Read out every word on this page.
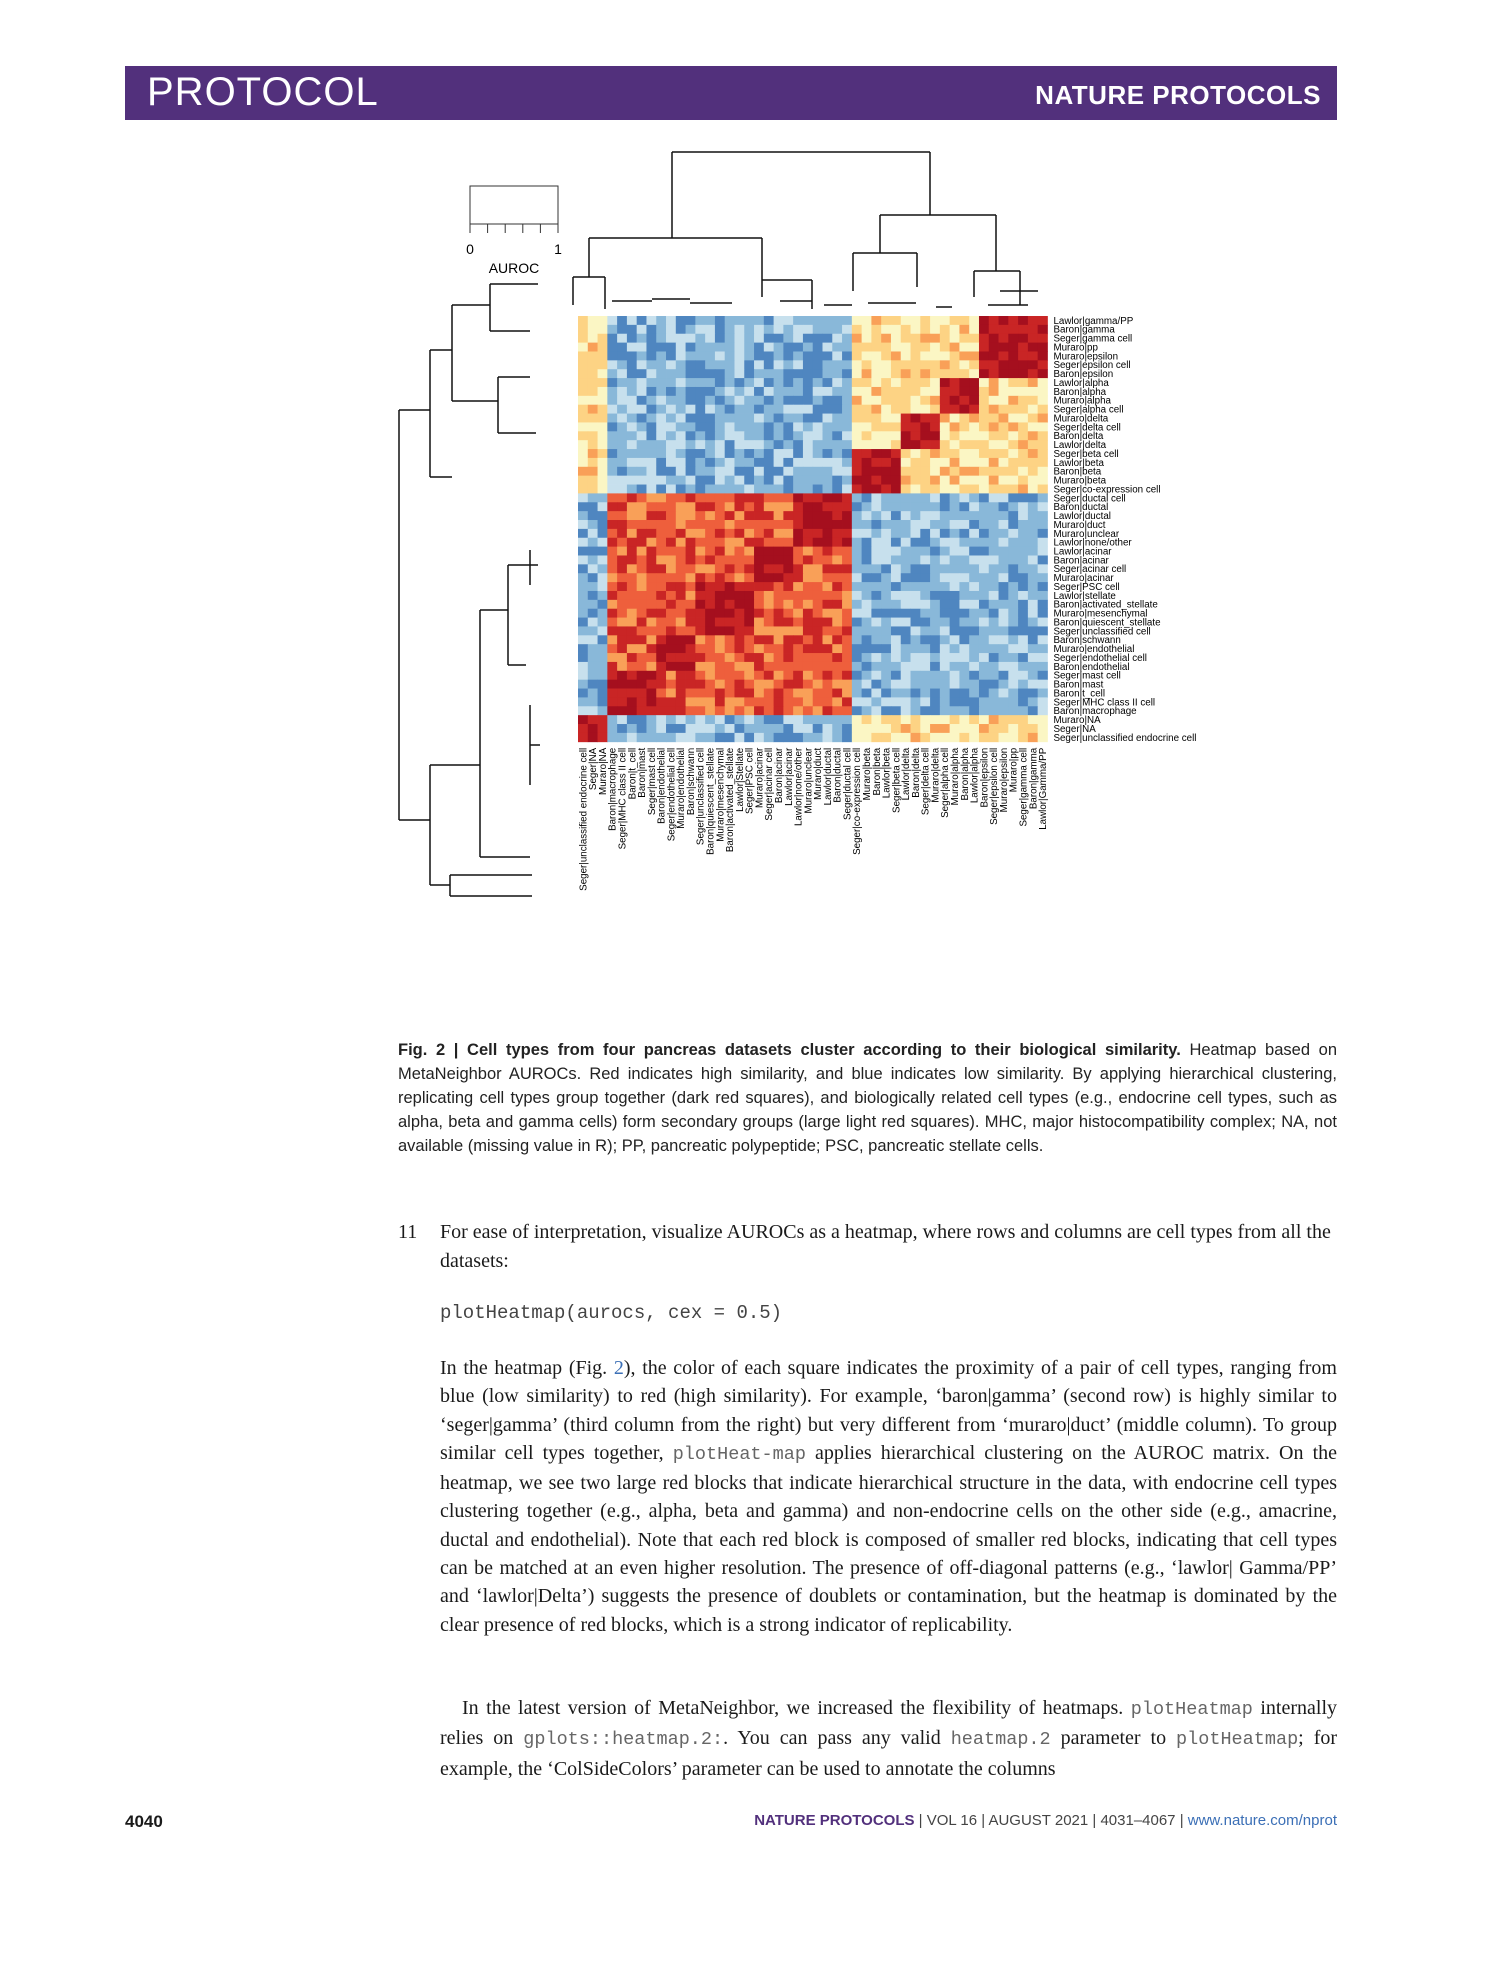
PROTOCOL	NATURE PROTOCOLS
0	1
AUROC
Lawlor|gamma/PP
Baron|gamma
Seger|gamma cell
Muraro|pp
Muraro|epsilon
Seger|epsilon cell
Baron|epsilon
Lawlor|alpha
Baron|alpha
Muraro|alpha
Seger|alpha cell
Muraro|delta
Seger|delta cell
Baron|delta
Lawlor|delta
Seger|beta cell
Lawlor|beta
Baron|beta
Muraro|beta
Seger|co-expression cell
Seger|ductal cell
Baron|ductal
Lawlor|ductal
Muraro|duct
Muraro|unclear
Lawlor|none/other
Lawlor|acinar
Baron|acinar
Seger|acinar cell
Muraro|acinar
Seger|PSC cell
Lawlor|stellate
Baron|activated_stellate
Muraro|mesenchymal
Baron|quiescent_stellate
Seger|unclassified cell
Baron|schwann
Muraro|endothelial
Seger|endothelial cell
Baron|endothelial
Seger|mast cell
Baron|mast
Baron|t_cell
Seger|MHC class II cell
Baron|macrophage
Muraro|NA
Seger|NA
Seger|unclassified endocrine cell
Seger|unclassified endocrine cell
Seger|NA
Muraro|NA
Baron|macrophage
Seger|MHC class II cell
Baron|t_cell
Baron|mast
Seger|mast cell
Baron|endothelial
Seger|endothelial cell
Muraro|endothelial
Baron|schwann
Seger|unclassified cell
Baron|quiescent_stellate
Muraro|mesenchymal
Baron|activated_stellate
Lawlor|Stellate
Seger|PSC cell
Muraro|acinar
Seger|acinar cell
Baron|acinar
Lawlor|acinar
Lawlor|none/other
Muraro|unclear
Muraro|duct
Lawlor|ductal
Baron|ductal
Seger|ductal cell
Seger|co-expression cell
Muraro|beta
Baron|beta
Lawlor|beta
Seger|beta cell
Lawlor|delta
Baron|delta
Seger|delta cell
Muraro|delta
Seger|alpha cell
Muraro|alpha
Baron|alpha
Lawlor|alpha
Baron|epsilon
Seger|epsilon cell
Muraro|epsilon
Muraro|pp
Seger|gamma cell
Baron|gamma
Lawlor|Gamma/PP
Fig. 2 | Cell types from four pancreas datasets cluster according to their biological similarity. Heatmap based on MetaNeighbor AUROCs. Red indicates high similarity, and blue indicates low similarity. By applying hierarchical clustering, replicating cell types group together (dark red squares), and biologically related cell types (e.g., endocrine cell types, such as alpha, beta and gamma cells) form secondary groups (large light red squares). MHC, major histocompatibility complex; NA, not available (missing value in R); PP, pancreatic polypeptide; PSC, pancreatic stellate cells.
11 For ease of interpretation, visualize AUROCs as a heatmap, where rows and columns are cell types from all the datasets:
plotHeatmap(aurocs, cex = 0.5)
In the heatmap (Fig. 2), the color of each square indicates the proximity of a pair of cell types, ranging from blue (low similarity) to red (high similarity). For example, ‘baron|gamma’ (second row) is highly similar to ‘seger|gamma’ (third column from the right) but very different from ‘muraro|duct’ (middle column). To group similar cell types together, plotHeat-map applies hierarchical clustering on the AUROC matrix. On the heatmap, we see two large red blocks that indicate hierarchical structure in the data, with endocrine cell types clustering together (e.g., alpha, beta and gamma) and non-endocrine cells on the other side (e.g., amacrine, ductal and endothelial). Note that each red block is composed of smaller red blocks, indicating that cell types can be matched at an even higher resolution. The presence of off-diagonal patterns (e.g., ‘lawlor| Gamma/PP’ and ‘lawlor|Delta’) suggests the presence of doublets or contamination, but the heatmap is dominated by the clear presence of red blocks, which is a strong indicator of replicability.
In the latest version of MetaNeighbor, we increased the flexibility of heatmaps. plotHeatmap internally relies on gplots::heatmap.2:. You can pass any valid heatmap.2 parameter to plotHeatmap; for example, the ‘ColSideColors’ parameter can be used to annotate the columns
4040	NATURE PROTOCOLS | VOL 16 | AUGUST 2021 | 4031–4067 | www.nature.com/nprot
